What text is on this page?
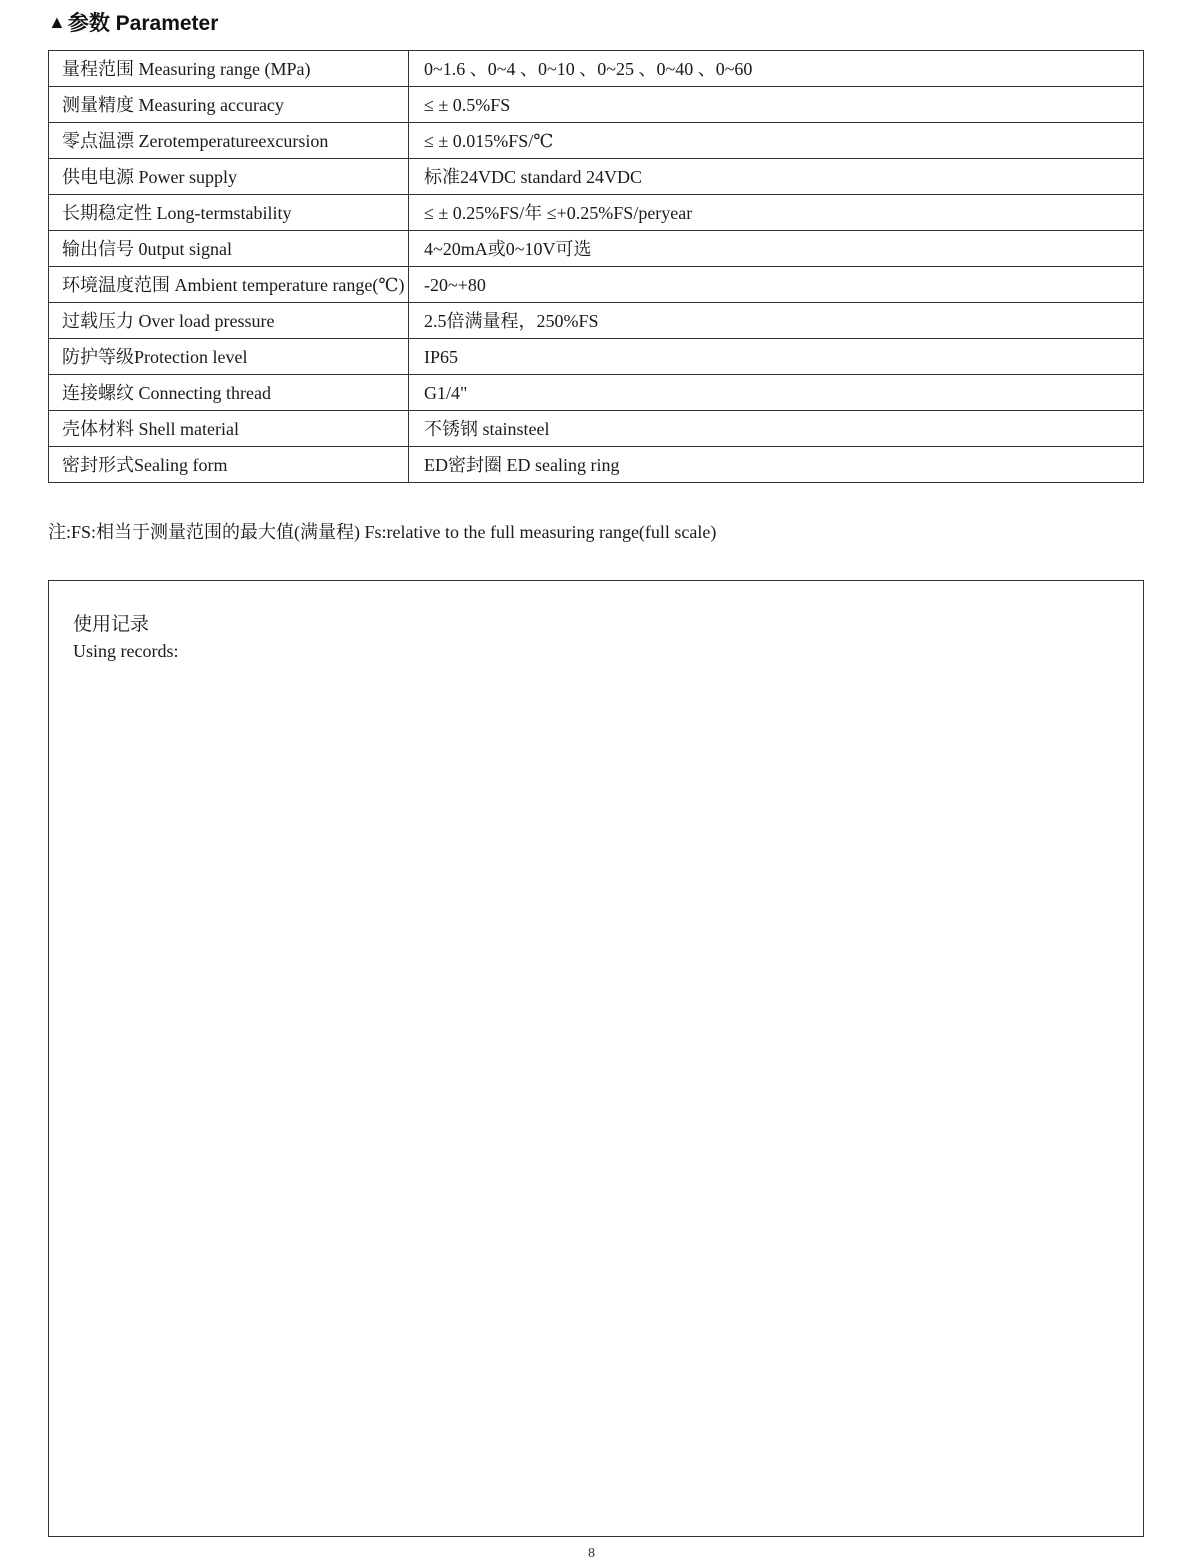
▲ 参数 Parameter
量程范围 Measuring range (MPa)	0~1.6 、0~4 、0~10 、0~25 、0~40 、0~60
测量精度 Measuring accuracy	≤ ± 0.5%FS
零点温漂 Zerotemperatureexcursion	≤ ± 0.015%FS/℃
供电电源 Power supply	标准24VDC standard 24VDC
长期稳定性 Long-termstability	≤ ± 0.25%FS/年 ≤+0.25%FS/peryear
输出信号 0utput signal	4~20mA或0~10V可选
环境温度范围 Ambient temperature range(℃)	-20~+80
过载压力 Over load pressure	2.5倍满量程，250%FS
防护等级Protection level	IP65
连接螺纹 Connecting thread	G1/4"
壳体材料 Shell material	不锈钢 stainsteel
密封形式Sealing form	ED密封圈 ED sealing ring
注:FS:相当于测量范围的最大值(满量程) Fs:relative to the full measuring range(full scale)
使用记录
Using records:
8
